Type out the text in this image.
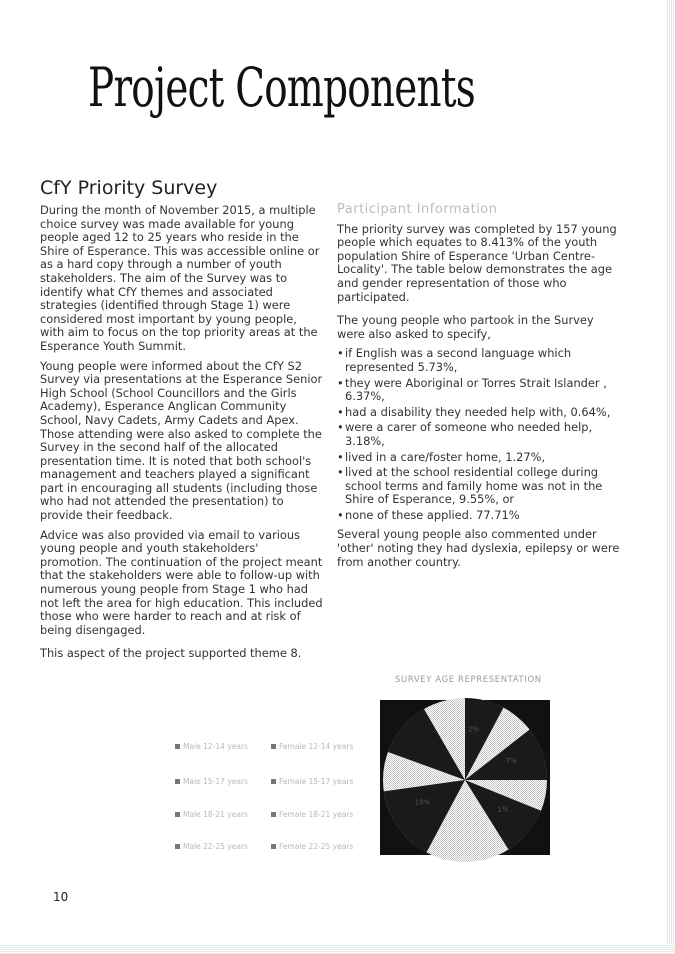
Project Components
CfY Priority Survey

During the month of November 2015, a multiple choice survey was made available for young people aged 12 to 25 years who reside in the Shire of Esperance. This was accessible online or as a hard copy through a number of youth stakeholders. The aim of the Survey was to identify what CfY themes and associated strategies (identified through Stage 1) were considered most important by young people, with aim to focus on the top priority areas at the Esperance Youth Summit.

Young people were informed about the CfY S2 Survey via presentations at the Esperance Senior High School (School Councillors and the Girls Academy), Esperance Anglican Community School, Navy Cadets, Army Cadets and Apex. Those attending were also asked to complete the Survey in the second half of the allocated presentation time. It is noted that both school's management and teachers played a significant part in encouraging all students (including those who had not attended the presentation) to provide their feedback.

Advice was also provided via email to various young people and youth stakeholders' promotion. The continuation of the project meant that the stakeholders were able to follow-up with numerous young people from Stage 1 who had not left the area for high education. This included those who were harder to reach and at risk of being disengaged.

This aspect of the project supported theme 8.

Participant Information

The priority survey was completed by 157 young people which equates to 8.413% of the youth population Shire of Esperance 'Urban Centre-Locality'. The table below demonstrates the age and gender representation of those who participated.

The young people who partook in the Survey were also asked to specify,

• if English was a second language which represented 5.73%,
• they were Aboriginal or Torres Strait Islander , 6.37%,
• had a disability they needed help with, 0.64%,
• were a carer of someone who needed help, 3.18%,
• lived in a care/foster home, 1.27%,
• lived at the school residential college during school terms and family home was not in the Shire of Esperance, 9.55%, or
• none of these applied. 77.71%

Several young people also commented under 'other' noting they had dyslexia, epilepsy or were from another country.

SURVEY AGE REPRESENTATION
2%
7%
1%
19%
Male 12-14 years	Female 12-14 years
Male 15-17 years	Female 15-17 years
Male 18-21 years	Female 18-21 years
Male 22-25 years	Female 22-25 years
10
